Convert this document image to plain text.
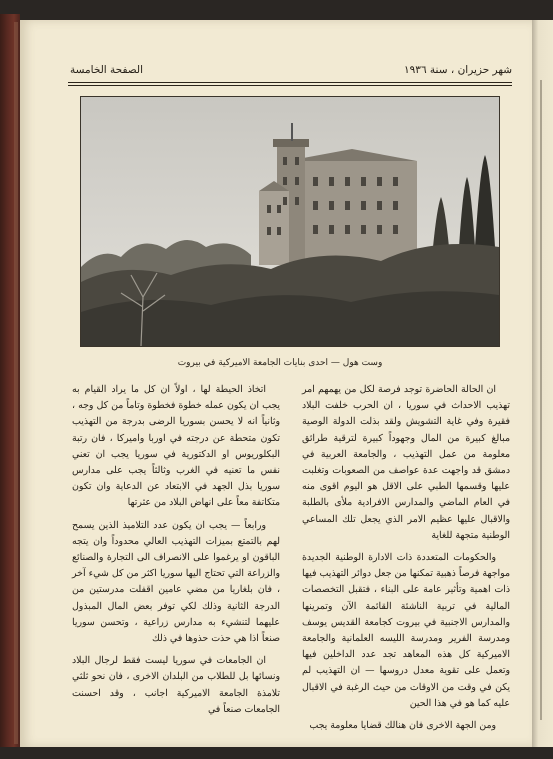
شهر حزيران ، سنة ١٩٣٦
الصفحة الخامسة
وست هول — احدى بنايات الجامعة الاميركية في بيروت

ان الحالة الحاضرة توجد فرصة لكل من يهمهم امر تهذيب الاحداث في سوريا ، ان الحرب خلفت البلاد فقيرة وفي غاية التشويش ولقد بذلت الدولة الوصية مبالغ كبيرة من المال وجهوداً كبيرة لترقية طرائق معلومة من عمل التهذيب ، والجامعة العربية في دمشق قد واجهت عدة عواصف من الصعوبات وتغلبت عليها وقسمها الطبي على الاقل هو اليوم اقوى منه في العام الماضي والمدارس الافرادية ملأى بالطلبة والاقبال عليها عظيم الامر الذي يجعل تلك المساعي الوطنية متجهة للغاية

والحكومات المتعددة ذات الادارة الوطنية الجديدة مواجهة فرصاً ذهبية تمكنها من جعل دوائر التهذيب فيها ذات اهمية وتأثير عامة على البناء ، فتقبل التخصصات المالية في تربية الناشئة القائمة الآن وتمرينها والمدارس الاجنبية في بيروت كجامعة القديس يوسف ومدرسة الفرير ومدرسة الليسه العلمانية والجامعة الاميركية كل هذه المعاهد تجد عدد الداخلين فيها وتعمل على تقوية معدل دروسها — ان التهذيب لم يكن في وقت من الاوقات من حيث الرغبة في الاقبال عليه كما هو في هذا الحين

ومن الجهة الاخرى فان هنالك قضايا معلومة يجب

اتخاذ الحيطة لها ، اولاً ان كل ما يراد القيام به يجب ان يكون عمله خطوة فخطوة وتاماً من كل وجه ، وثانياً انه لا يحسن بسوريا الرضى بدرجة من التهذيب تكون متحطة عن درجته في اوربا واميركا ، فان رتبة البكلوريوس او الدكتورية في سوريا يجب ان تعني نفس ما تعنيه في الغرب وثالثاً يجب على مدارس سوريا بذل الجهد في الابتعاد عن الدعاية وان تكون متكاتفة معاً على انهاض البلاد من عثرتها

ورابعاً — يجب ان يكون عدد التلاميذ الذين يسمح لهم بالتمتع بميزات التهذيب العالي محدوداً وان يتجه الباقون او يرغموا على الانصراف الى التجارة والصنائع والزراعة التي تحتاج اليها سوريا اكثر من كل شيء آخر ، فان بلغاريا من مضي عامين اقفلت مدرستين من الدرجة الثانية وذلك لكي توفر بعض المال المبذول عليهما لتنشيء به مدارس زراعية ، وتحسن سوريا صنعاً اذا هي حذت حذوها في ذلك

ان الجامعات في سوريا ليست فقط لرجال البلاد ونسائها بل للطلاب من البلدان الاخرى ، فان نحو ثلثي تلامذة الجامعة الاميركية اجانب ، وقد احسنت الجامعات صنعاً في
